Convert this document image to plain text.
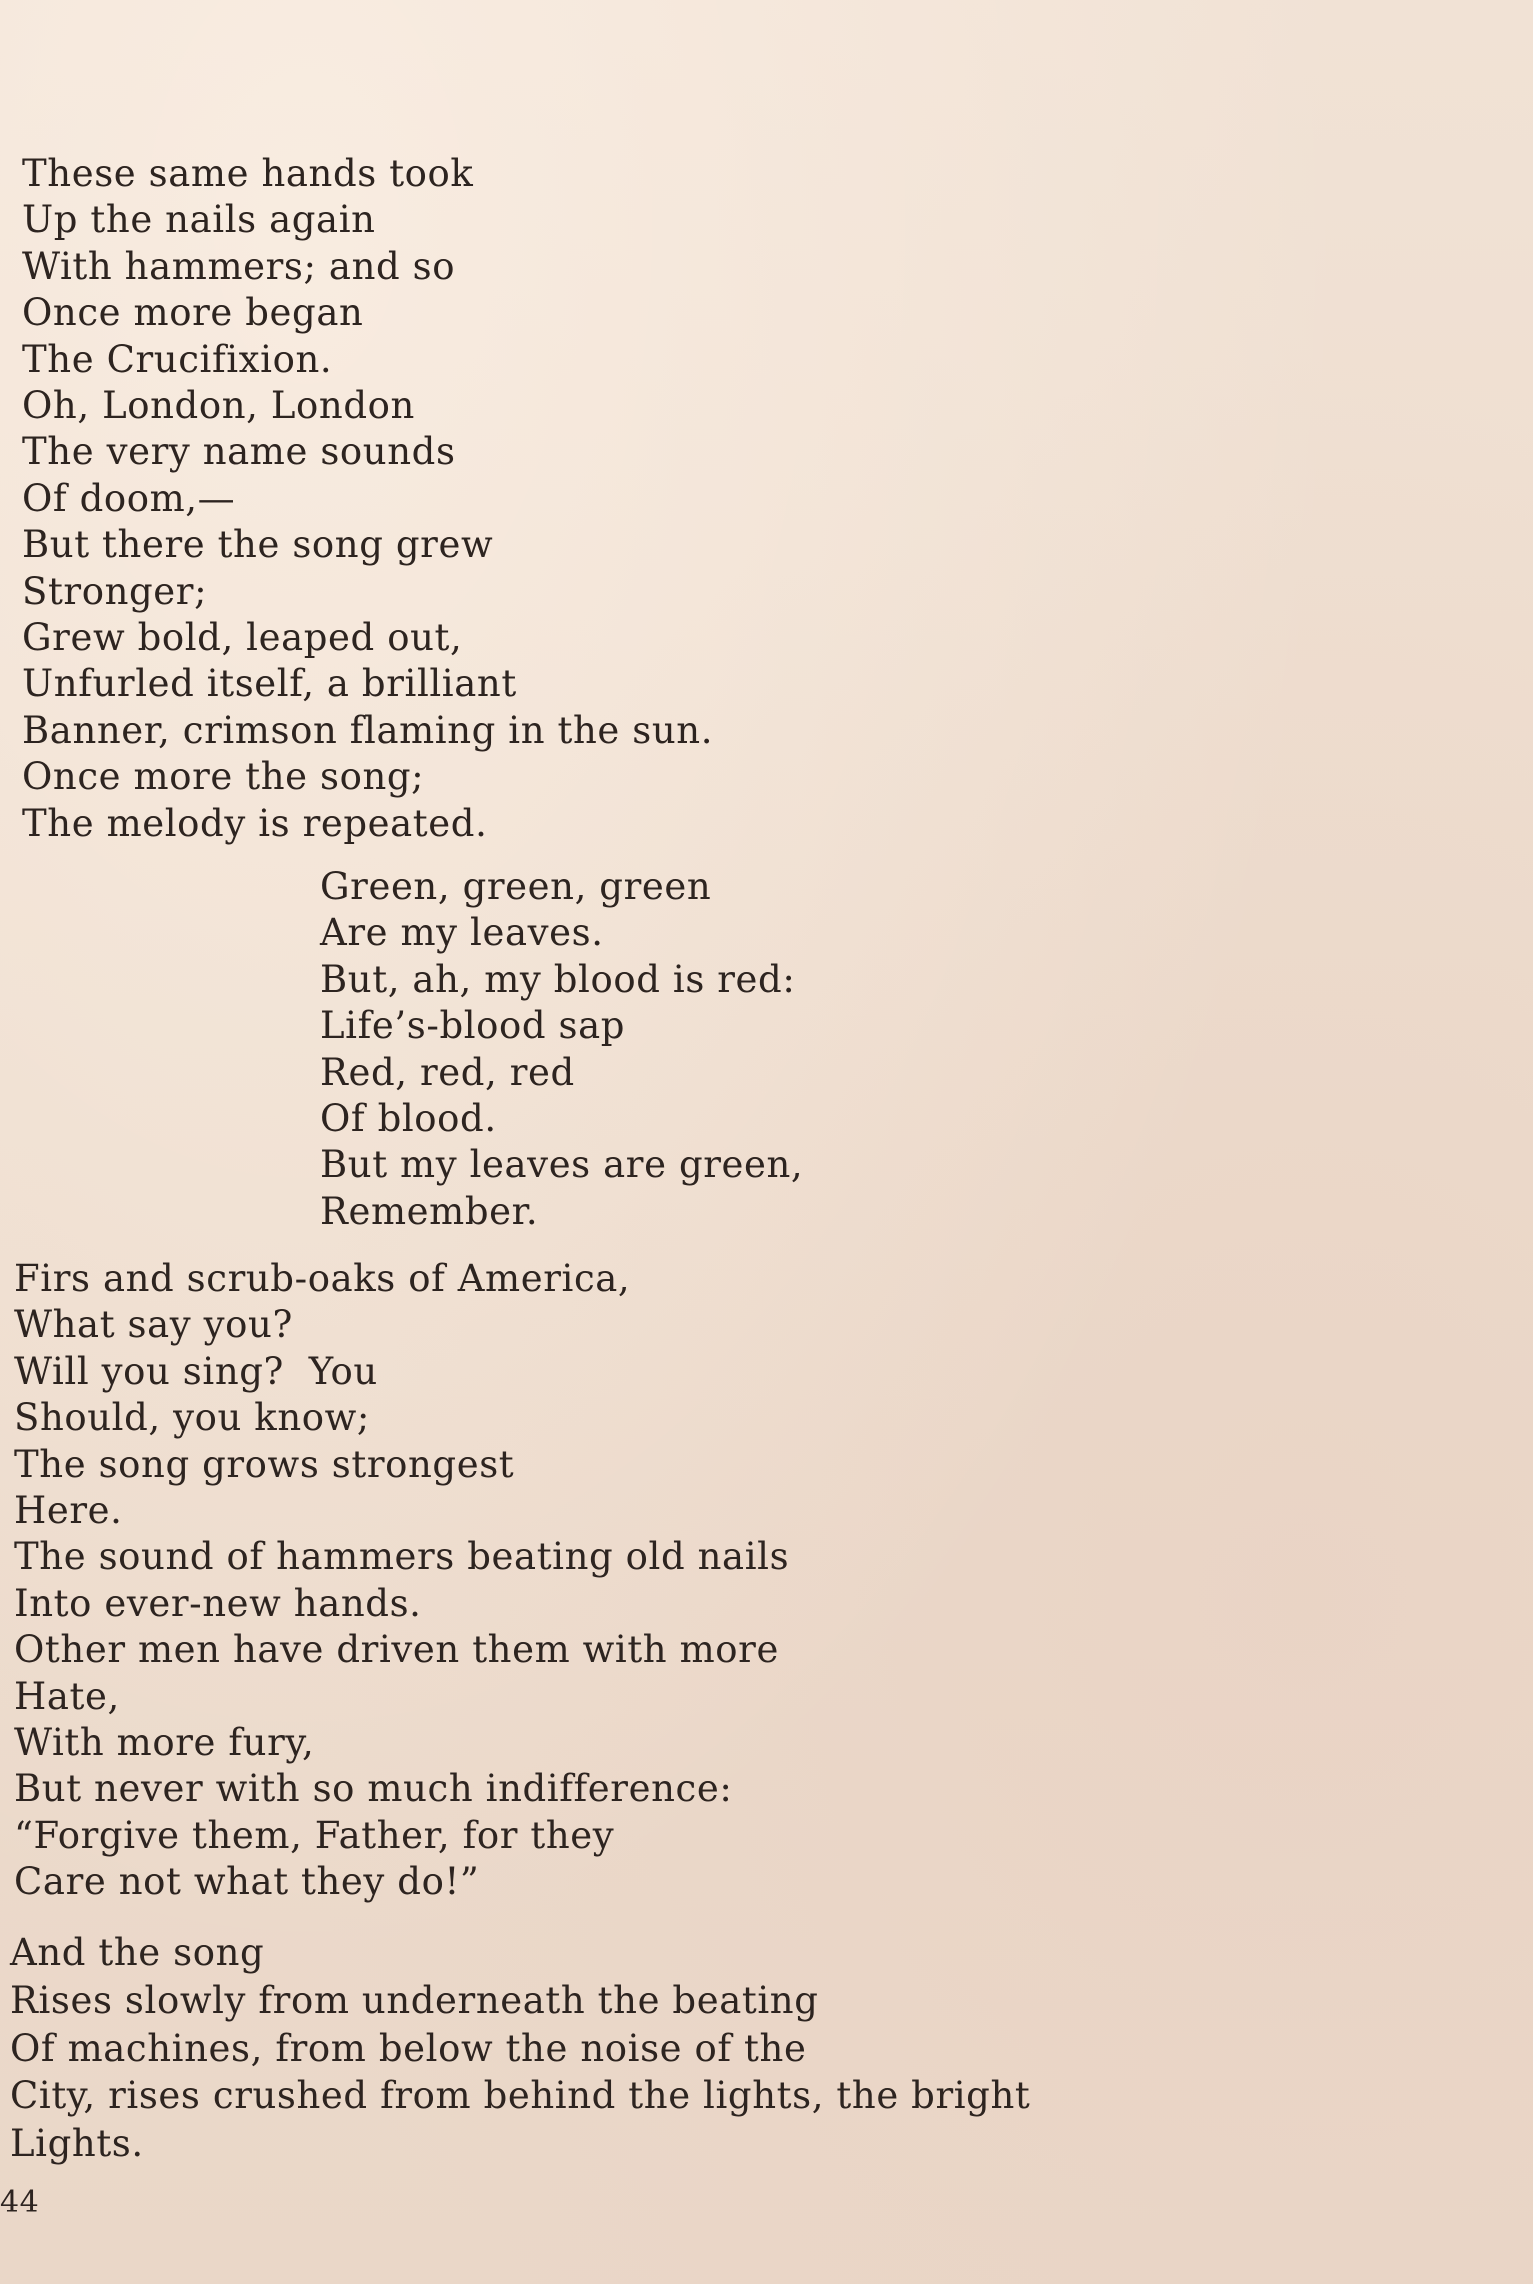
These same hands took
Up the nails again
With hammers; and so
Once more began
The Crucifixion.
Oh, London, London
The very name sounds
Of doom,—
But there the song grew
Stronger;
Grew bold, leaped out,
Unfurled itself, a brilliant
Banner, crimson flaming in the sun.
Once more the song;
The melody is repeated.
Green, green, green
Are my leaves.
But, ah, my blood is red:
Life’s-blood sap
Red, red, red
Of blood.
But my leaves are green,
Remember.
Firs and scrub-oaks of America,
What say you?
Will you sing?  You
Should, you know;
The song grows strongest
Here.
The sound of hammers beating old nails
Into ever-new hands.
Other men have driven them with more
Hate,
With more fury,
But never with so much indifference:
“Forgive them, Father, for they
Care not what they do!”
And the song
Rises slowly from underneath the beating
Of machines, from below the noise of the
City, rises crushed from behind the lights, the bright
Lights.
44
